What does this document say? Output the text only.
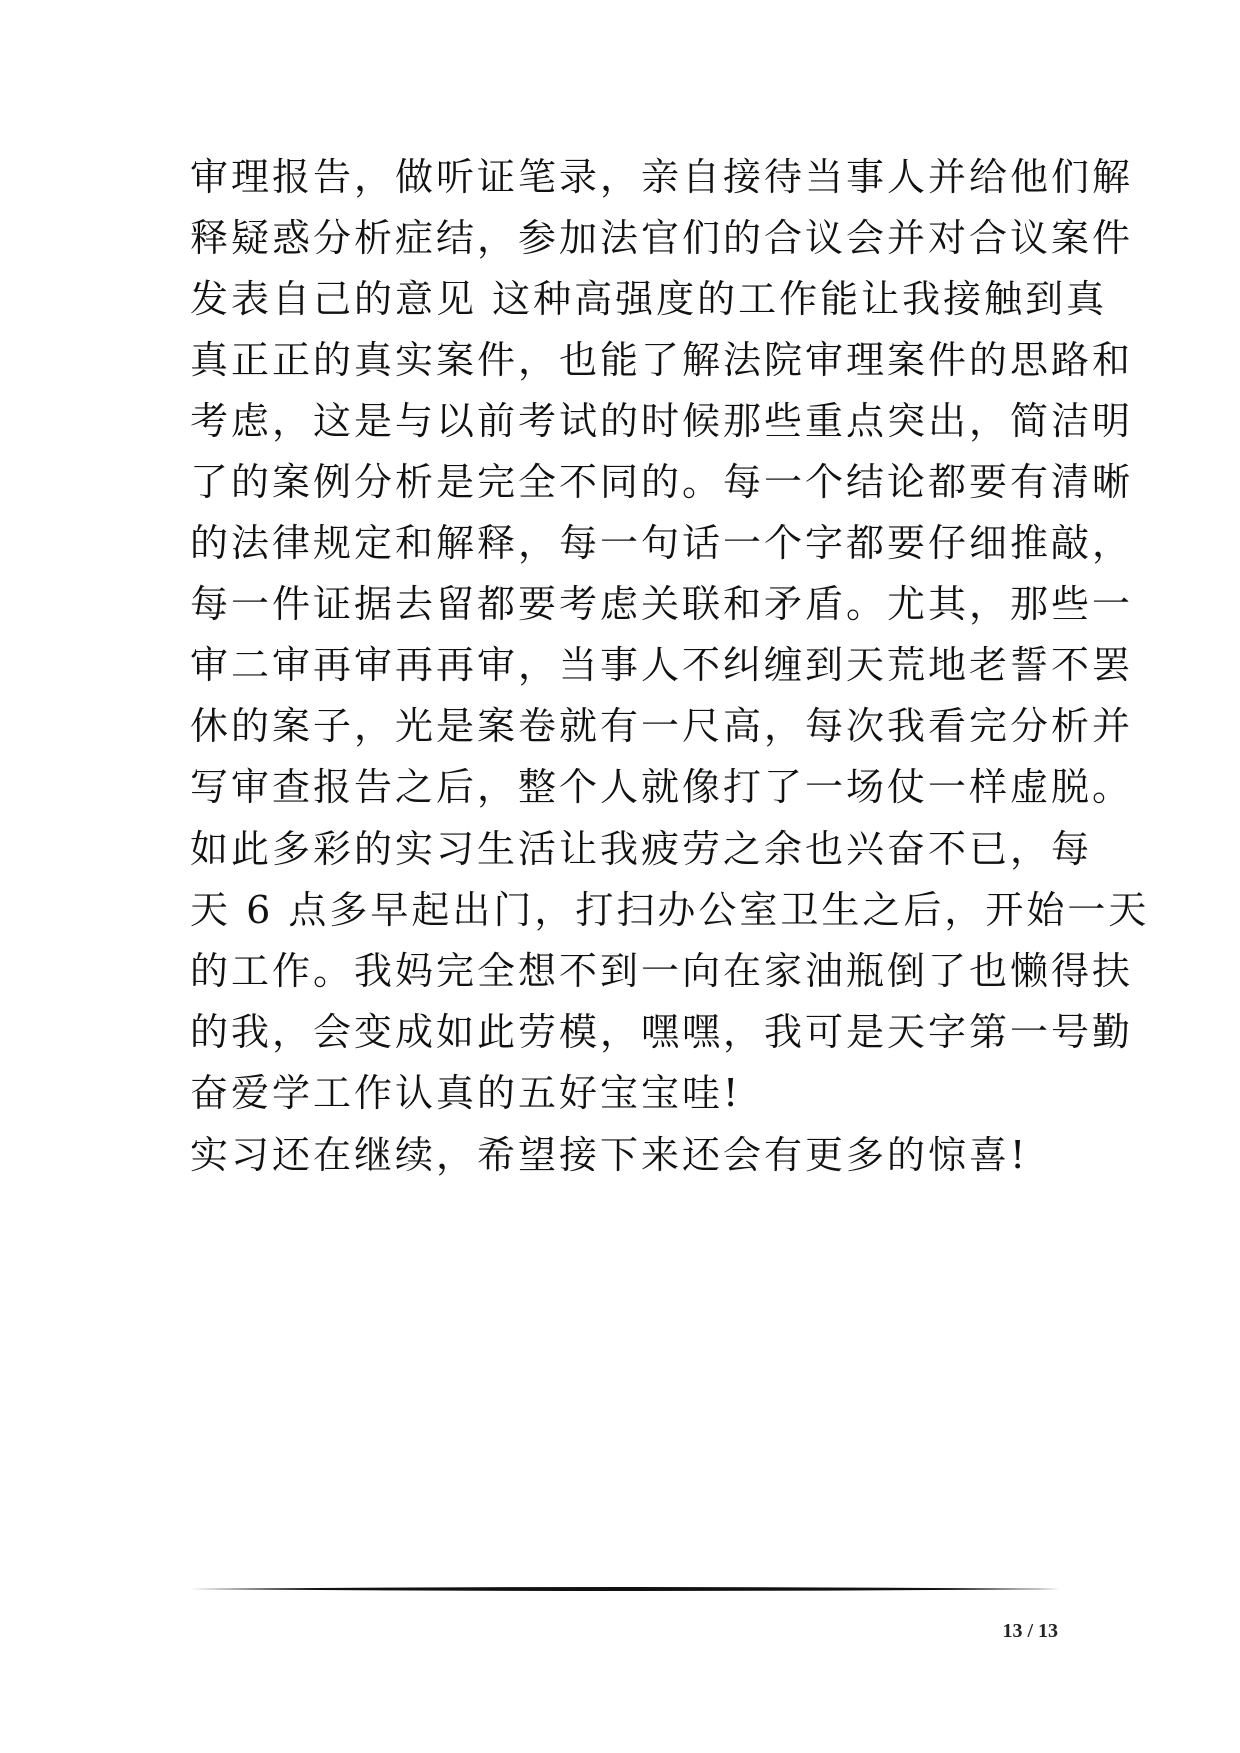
审理报告，做听证笔录，亲自接待当事人并给他们解
释疑惑分析症结，参加法官们的合议会并对合议案件
发表自己的意见 这种高强度的工作能让我接触到真
真正正的真实案件，也能了解法院审理案件的思路和
考虑，这是与以前考试的时候那些重点突出，简洁明
了的案例分析是完全不同的。每一个结论都要有清晰
的法律规定和解释，每一句话一个字都要仔细推敲，
每一件证据去留都要考虑关联和矛盾。尤其，那些一
审二审再审再再审，当事人不纠缠到天荒地老誓不罢
休的案子，光是案卷就有一尺高，每次我看完分析并
写审查报告之后，整个人就像打了一场仗一样虚脱。
如此多彩的实习生活让我疲劳之余也兴奋不已，每
天 6 点多早起出门，打扫办公室卫生之后，开始一天
的工作。我妈完全想不到一向在家油瓶倒了也懒得扶
的我，会变成如此劳模，嘿嘿，我可是天字第一号勤
奋爱学工作认真的五好宝宝哇!
实习还在继续，希望接下来还会有更多的惊喜!
13 / 13
